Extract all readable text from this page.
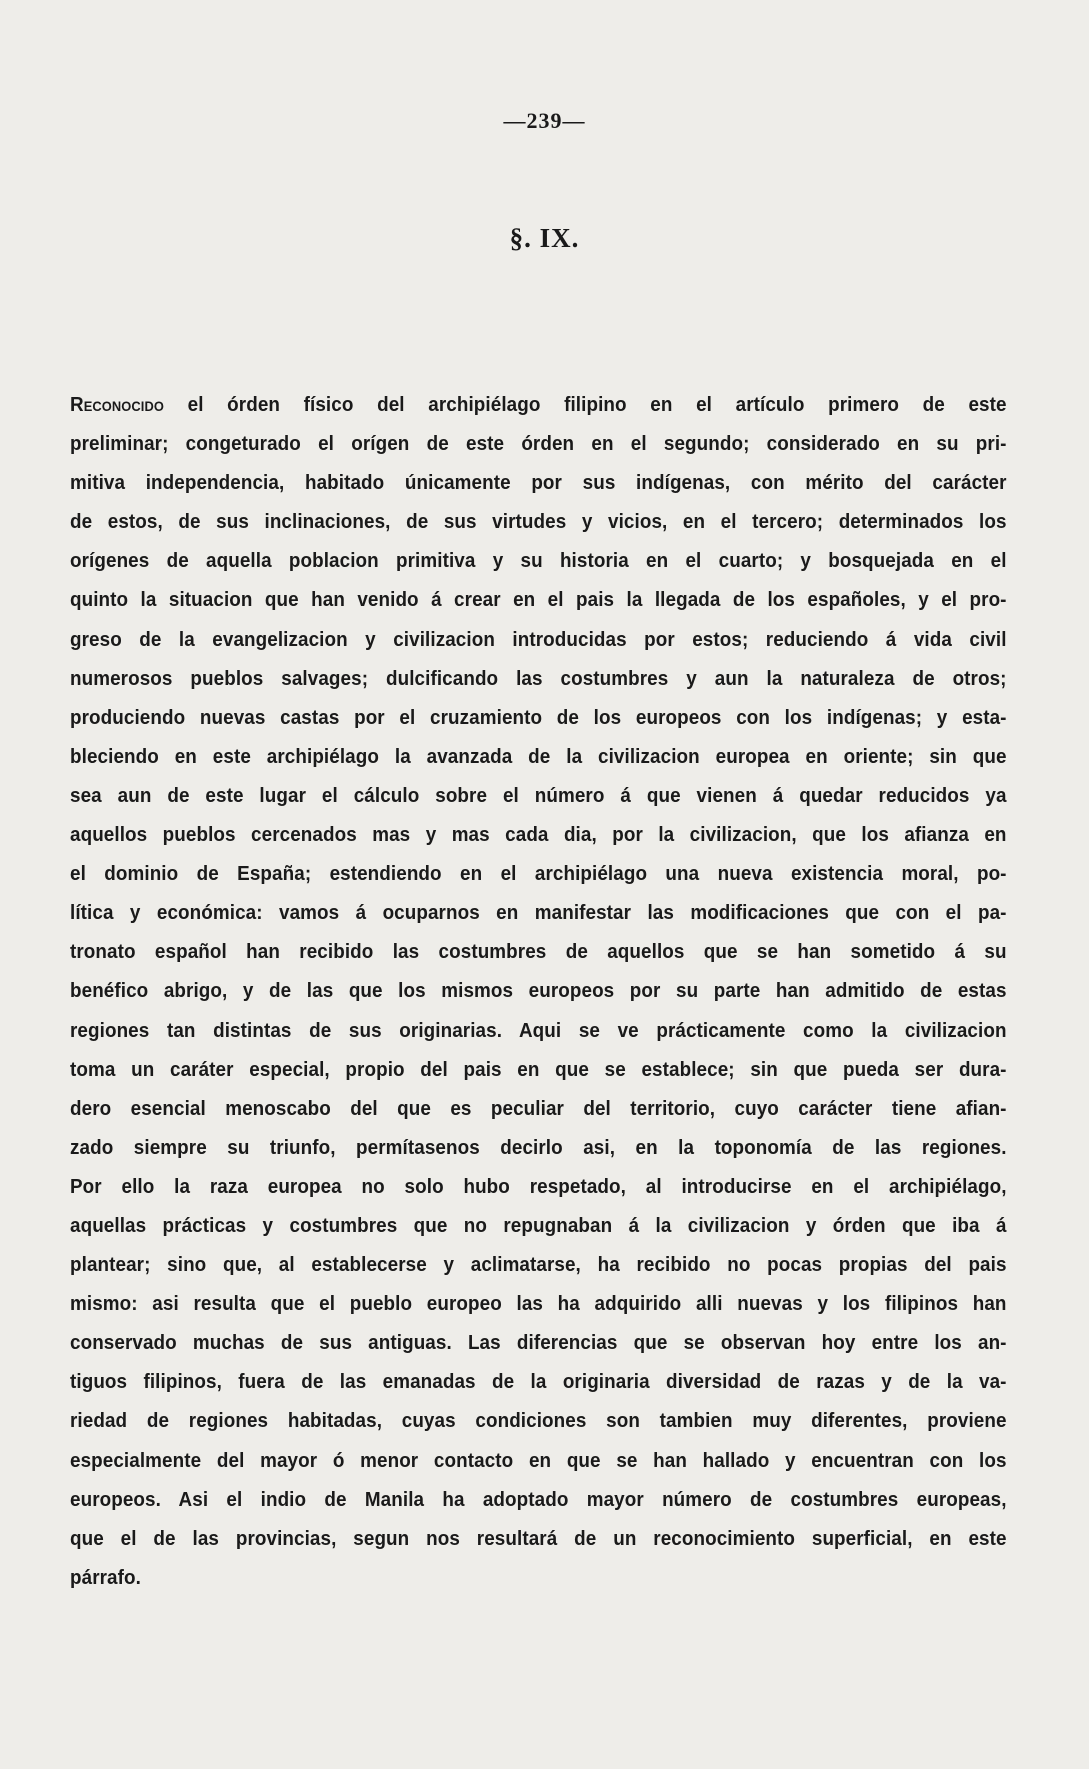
—239—
§. IX.
Reconocido el órden físico del archipiélago filipino en el artículo primero de este
preliminar; congeturado el orígen de este órden en el segundo; considerado en su pri-
mitiva independencia, habitado únicamente por sus indígenas, con mérito del carácter
de estos, de sus inclinaciones, de sus virtudes y vicios, en el tercero; determinados los
orígenes de aquella poblacion primitiva y su historia en el cuarto; y bosquejada en el
quinto la situacion que han venido á crear en el pais la llegada de los españoles, y el pro-
greso de la evangelizacion y civilizacion introducidas por estos; reduciendo á vida civil
numerosos pueblos salvages; dulcificando las costumbres y aun la naturaleza de otros;
produciendo nuevas castas por el cruzamiento de los europeos con los indígenas; y esta-
bleciendo en este archipiélago la avanzada de la civilizacion europea en oriente; sin que
sea aun de este lugar el cálculo sobre el número á que vienen á quedar reducidos ya
aquellos pueblos cercenados mas y mas cada dia, por la civilizacion, que los afianza en
el dominio de España; estendiendo en el archipiélago una nueva existencia moral, po-
lítica y económica: vamos á ocuparnos en manifestar las modificaciones que con el pa-
tronato español han recibido las costumbres de aquellos que se han sometido á su
benéfico abrigo, y de las que los mismos europeos por su parte han admitido de estas
regiones tan distintas de sus originarias. Aqui se ve prácticamente como la civilizacion
toma un caráter especial, propio del pais en que se establece; sin que pueda ser dura-
dero esencial menoscabo del que es peculiar del territorio, cuyo carácter tiene afian-
zado siempre su triunfo, permítasenos decirlo asi, en la toponomía de las regiones.
Por ello la raza europea no solo hubo respetado, al introducirse en el archipiélago,
aquellas prácticas y costumbres que no repugnaban á la civilizacion y órden que iba á
plantear; sino que, al establecerse y aclimatarse, ha recibido no pocas propias del pais
mismo: asi resulta que el pueblo europeo las ha adquirido alli nuevas y los filipinos han
conservado muchas de sus antiguas. Las diferencias que se observan hoy entre los an-
tiguos filipinos, fuera de las emanadas de la originaria diversidad de razas y de la va-
riedad de regiones habitadas, cuyas condiciones son tambien muy diferentes, proviene
especialmente del mayor ó menor contacto en que se han hallado y encuentran con los
europeos. Asi el indio de Manila ha adoptado mayor número de costumbres europeas,
que el de las provincias, segun nos resultará de un reconocimiento superficial, en este
párrafo.
